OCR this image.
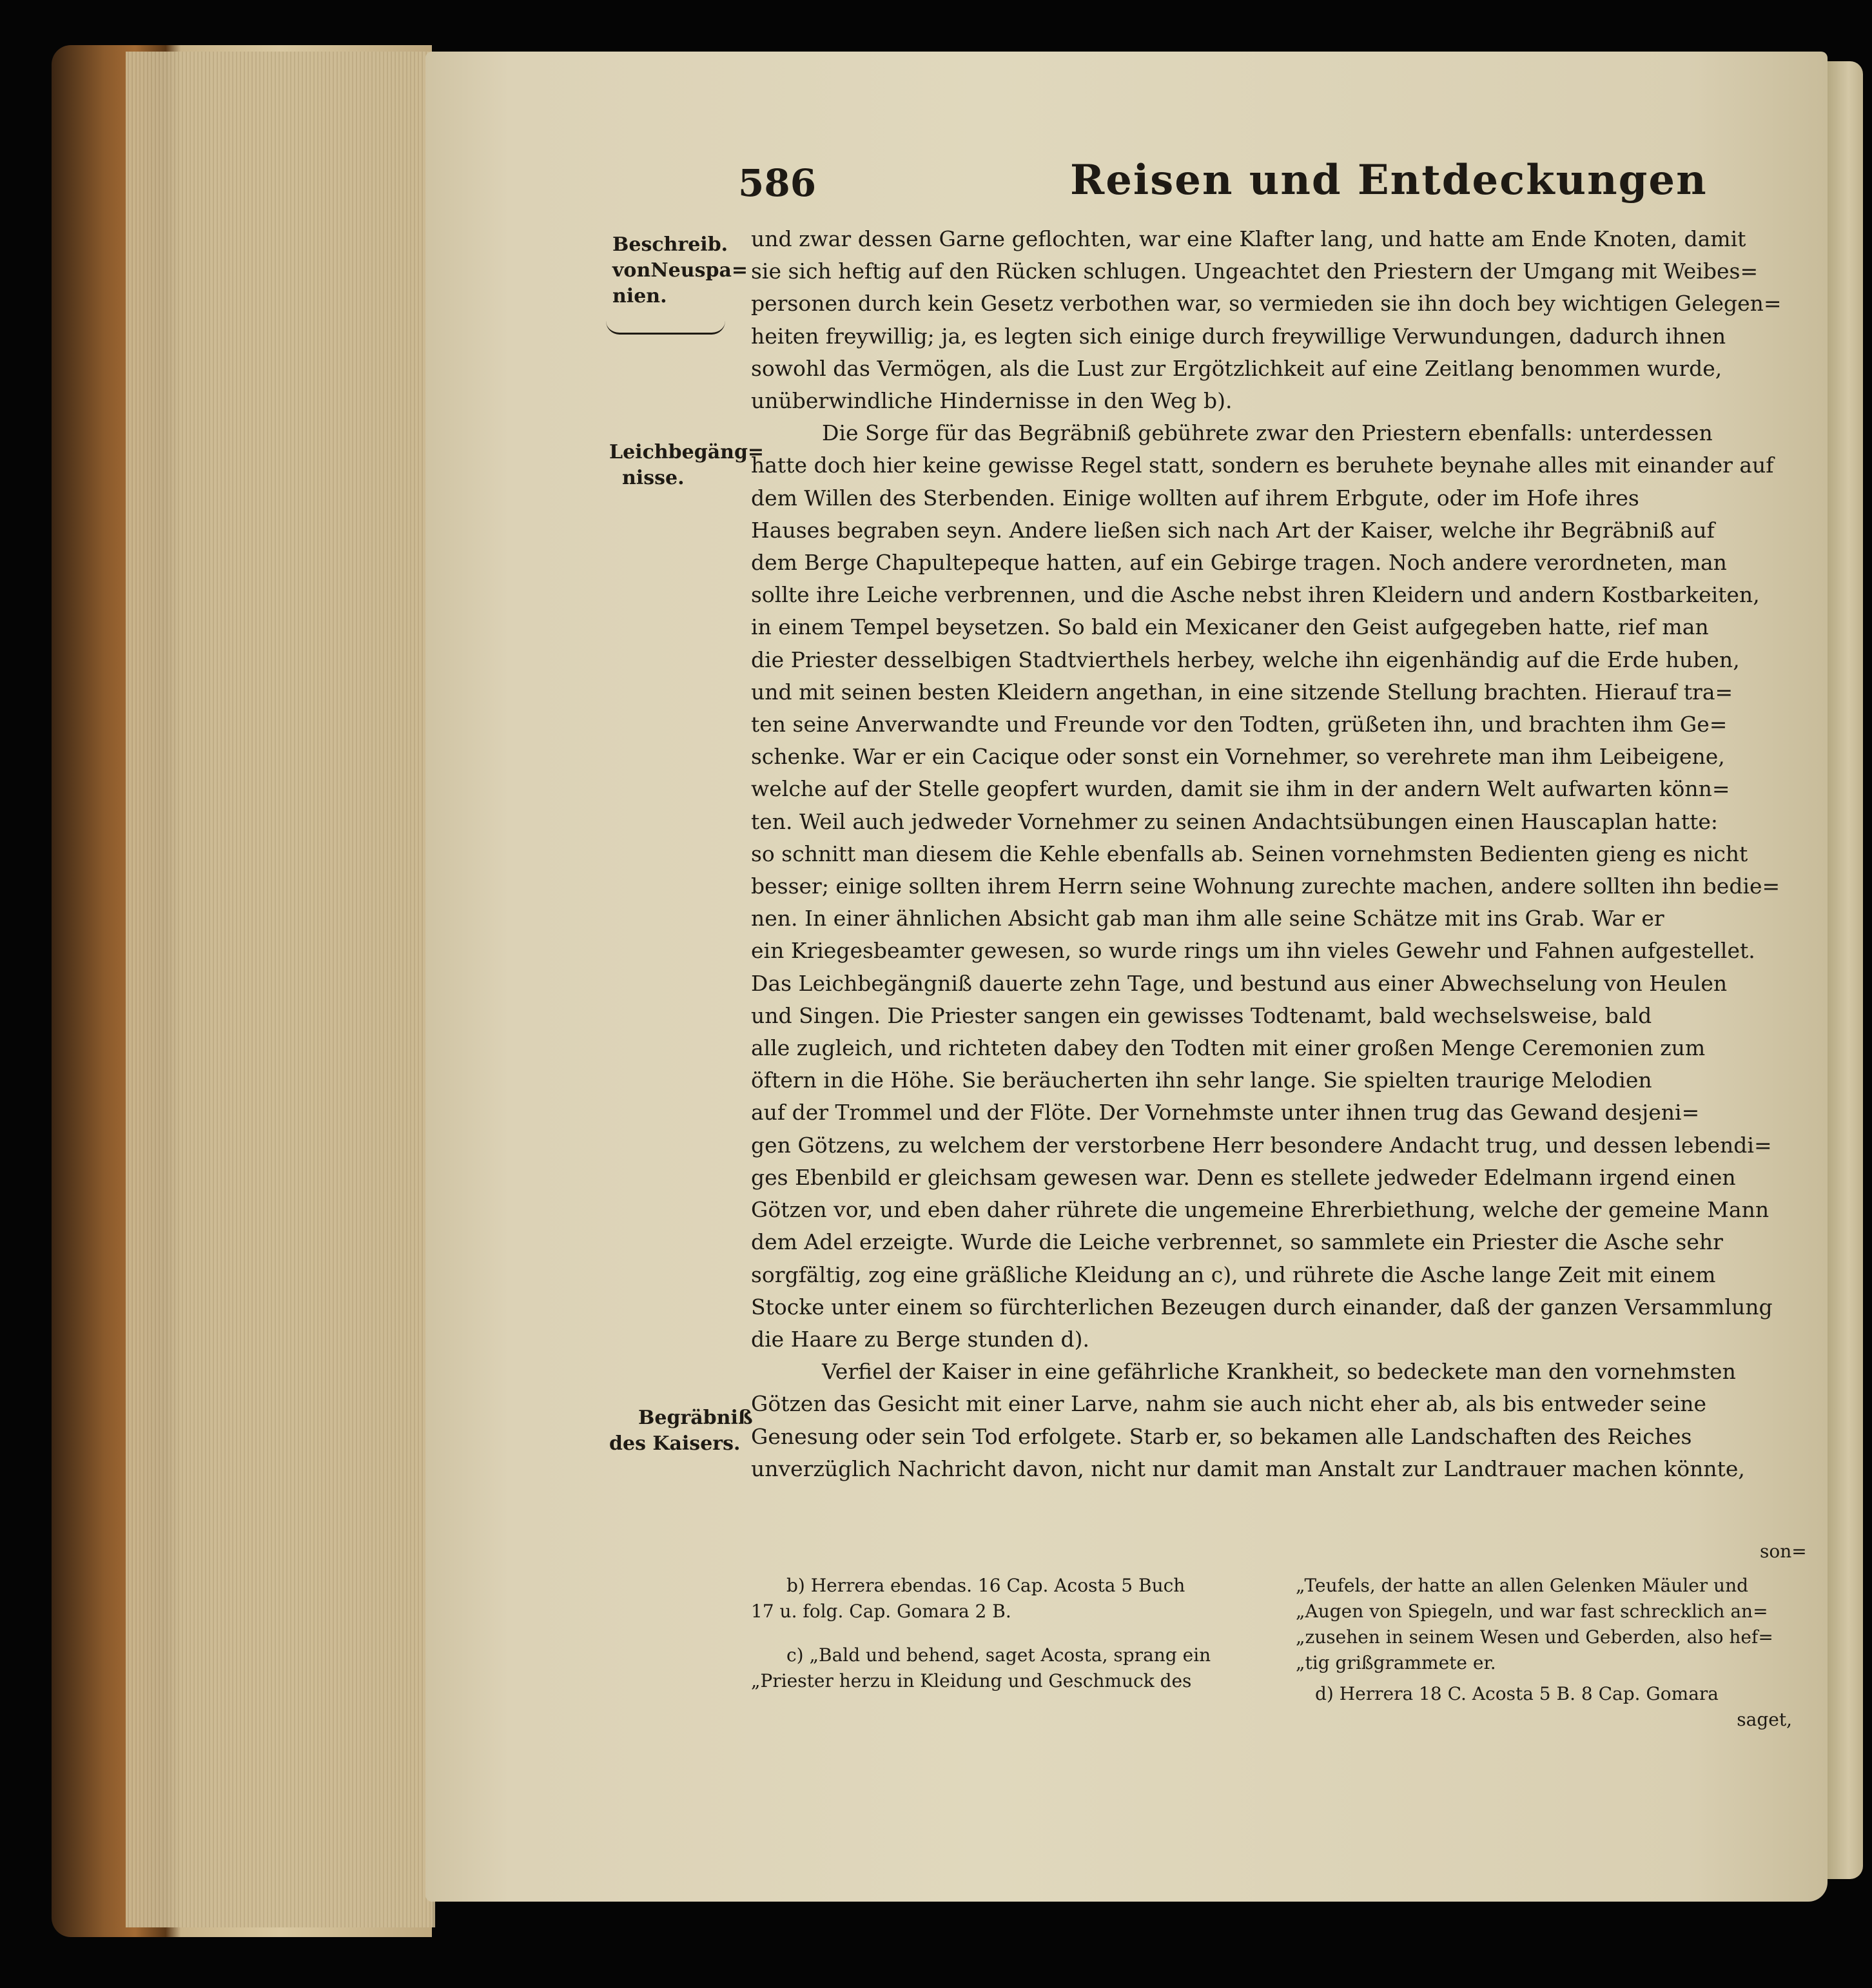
586	Reisen und Entdeckungen
Beschreib.
vonNeuspa=
nien.
Leichbegäng=
nisse.
Begräbniß
des Kaisers.

und zwar dessen Garne geflochten, war eine Klafter lang, und hatte am Ende Knoten, damit
sie sich heftig auf den Rücken schlugen. Ungeachtet den Priestern der Umgang mit Weibes=
personen durch kein Gesetz verbothen war, so vermieden sie ihn doch bey wichtigen Gelegen=
heiten freywillig; ja, es legten sich einige durch freywillige Verwundungen, dadurch ihnen
sowohl das Vermögen, als die Lust zur Ergötzlichkeit auf eine Zeitlang benommen wurde,
unüberwindliche Hindernisse in den Weg b).

Die Sorge für das Begräbniß gebührete zwar den Priestern ebenfalls: unterdessen
hatte doch hier keine gewisse Regel statt, sondern es beruhete beynahe alles mit einander auf
dem Willen des Sterbenden. Einige wollten auf ihrem Erbgute, oder im Hofe ihres
Hauses begraben seyn. Andere ließen sich nach Art der Kaiser, welche ihr Begräbniß auf
dem Berge Chapultepeque hatten, auf ein Gebirge tragen. Noch andere verordneten, man
sollte ihre Leiche verbrennen, und die Asche nebst ihren Kleidern und andern Kostbarkeiten,
in einem Tempel beysetzen. So bald ein Mexicaner den Geist aufgegeben hatte, rief man
die Priester desselbigen Stadtvierthels herbey, welche ihn eigenhändig auf die Erde huben,
und mit seinen besten Kleidern angethan, in eine sitzende Stellung brachten. Hierauf tra=
ten seine Anverwandte und Freunde vor den Todten, grüßeten ihn, und brachten ihm Ge=
schenke. War er ein Cacique oder sonst ein Vornehmer, so verehrete man ihm Leibeigene,
welche auf der Stelle geopfert wurden, damit sie ihm in der andern Welt aufwarten könn=
ten. Weil auch jedweder Vornehmer zu seinen Andachtsübungen einen Hauscaplan hatte:
so schnitt man diesem die Kehle ebenfalls ab. Seinen vornehmsten Bedienten gieng es nicht
besser; einige sollten ihrem Herrn seine Wohnung zurechte machen, andere sollten ihn bedie=
nen. In einer ähnlichen Absicht gab man ihm alle seine Schätze mit ins Grab. War er
ein Kriegesbeamter gewesen, so wurde rings um ihn vieles Gewehr und Fahnen aufgestellet.
Das Leichbegängniß dauerte zehn Tage, und bestund aus einer Abwechselung von Heulen
und Singen. Die Priester sangen ein gewisses Todtenamt, bald wechselsweise, bald
alle zugleich, und richteten dabey den Todten mit einer großen Menge Ceremonien zum
öftern in die Höhe. Sie beräucherten ihn sehr lange. Sie spielten traurige Melodien
auf der Trommel und der Flöte. Der Vornehmste unter ihnen trug das Gewand desjeni=
gen Götzens, zu welchem der verstorbene Herr besondere Andacht trug, und dessen lebendi=
ges Ebenbild er gleichsam gewesen war. Denn es stellete jedweder Edelmann irgend einen
Götzen vor, und eben daher rührete die ungemeine Ehrerbiethung, welche der gemeine Mann
dem Adel erzeigte. Wurde die Leiche verbrennet, so sammlete ein Priester die Asche sehr
sorgfältig, zog eine gräßliche Kleidung an c), und rührete die Asche lange Zeit mit einem
Stocke unter einem so fürchterlichen Bezeugen durch einander, daß der ganzen Versammlung
die Haare zu Berge stunden d).

Verfiel der Kaiser in eine gefährliche Krankheit, so bedeckete man den vornehmsten
Götzen das Gesicht mit einer Larve, nahm sie auch nicht eher ab, als bis entweder seine
Genesung oder sein Tod erfolgete. Starb er, so bekamen alle Landschaften des Reiches
unverzüglich Nachricht davon, nicht nur damit man Anstalt zur Landtrauer machen könnte,

son=
b) Herrera ebendas. 16 Cap. Acosta 5 Buch
17 u. folg. Cap. Gomara 2 B.
c) „Bald und behend, saget Acosta, sprang ein
„Priester herzu in Kleidung und Geschmuck des
„Teufels, der hatte an allen Gelenken Mäuler und
„Augen von Spiegeln, und war fast schrecklich an=
„zusehen in seinem Wesen und Geberden, also hef=
„tig grißgrammete er.
d) Herrera 18 C. Acosta 5 B. 8 Cap. Gomara
saget,
